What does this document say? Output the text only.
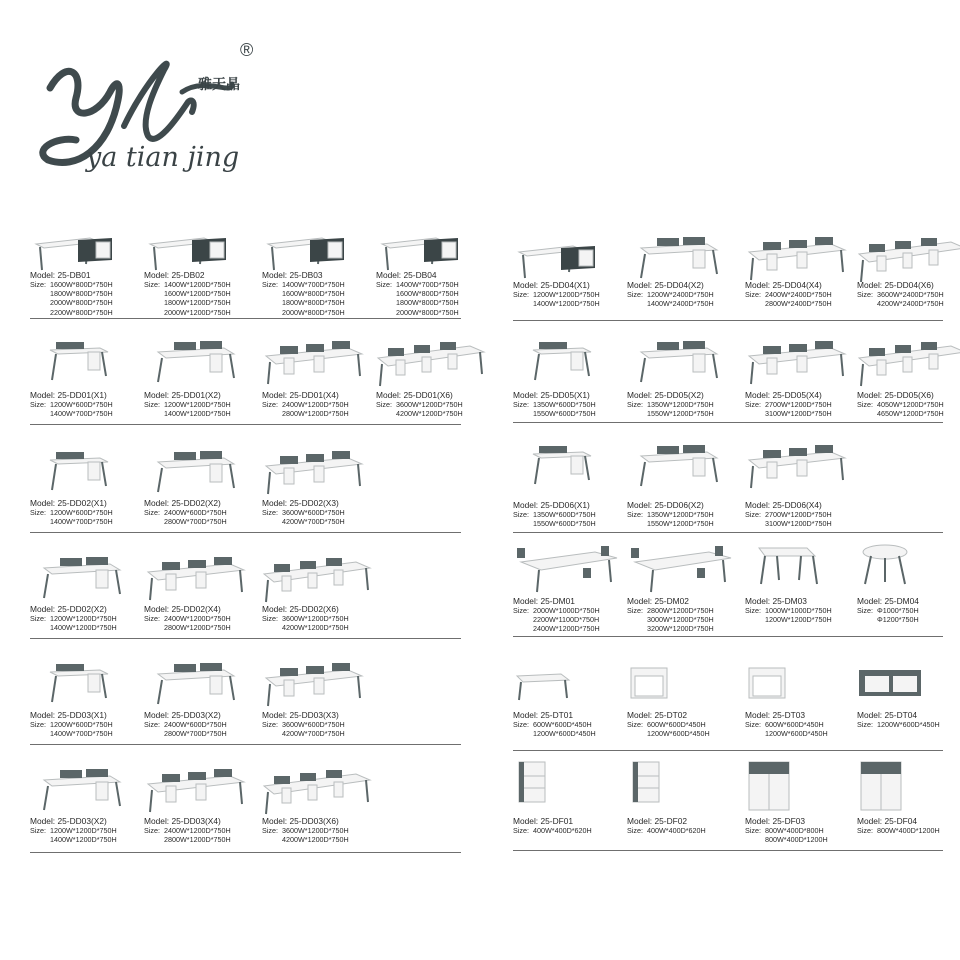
雅天晶
®
ya tian jing
Model: 25-DB01
Size: 1600W*800D*750H
1800W*800D*750H
2000W*800D*750H
2200W*800D*750H
Model: 25-DB02
Size: 1400W*1200D*750H
1600W*1200D*750H
1800W*1200D*750H
2000W*1200D*750H
Model: 25-DB03
Size: 1400W*700D*750H
1600W*800D*750H
1800W*800D*750H
2000W*800D*750H
Model: 25-DB04
Size: 1400W*700D*750H
1600W*800D*750H
1800W*800D*750H
2000W*800D*750H
Model: 25-DD01(X1)
Size: 1200W*600D*750H
1400W*700D*750H
Model: 25-DD01(X2)
Size: 1200W*1200D*750H
1400W*1200D*750H
Model: 25-DD01(X4)
Size: 2400W*1200D*750H
2800W*1200D*750H
Model: 25-DD01(X6)
Size: 3600W*1200D*750H
4200W*1200D*750H
Model: 25-DD02(X1)
Size: 1200W*600D*750H
1400W*700D*750H
Model: 25-DD02(X2)
Size: 2400W*600D*750H
2800W*700D*750H
Model: 25-DD02(X3)
Size: 3600W*600D*750H
4200W*700D*750H
Model: 25-DD02(X2)
Size: 1200W*1200D*750H
1400W*1200D*750H
Model: 25-DD02(X4)
Size: 2400W*1200D*750H
2800W*1200D*750H
Model: 25-DD02(X6)
Size: 3600W*1200D*750H
4200W*1200D*750H
Model: 25-DD03(X1)
Size: 1200W*600D*750H
1400W*700D*750H
Model: 25-DD03(X2)
Size: 2400W*600D*750H
2800W*700D*750H
Model: 25-DD03(X3)
Size: 3600W*600D*750H
4200W*700D*750H
Model: 25-DD03(X2)
Size: 1200W*1200D*750H
1400W*1200D*750H
Model: 25-DD03(X4)
Size: 2400W*1200D*750H
2800W*1200D*750H
Model: 25-DD03(X6)
Size: 3600W*1200D*750H
4200W*1200D*750H
Model: 25-DD04(X1)
Size: 1200W*1200D*750H
1400W*1200D*750H
Model: 25-DD04(X2)
Size: 1200W*2400D*750H
1400W*2400D*750H
Model: 25-DD04(X4)
Size: 2400W*2400D*750H
2800W*2400D*750H
Model: 25-DD04(X6)
Size: 3600W*2400D*750H
4200W*2400D*750H
Model: 25-DD05(X1)
Size: 1350W*600D*750H
1550W*600D*750H
Model: 25-DD05(X2)
Size: 1350W*1200D*750H
1550W*1200D*750H
Model: 25-DD05(X4)
Size: 2700W*1200D*750H
3100W*1200D*750H
Model: 25-DD05(X6)
Size: 4050W*1200D*750H
4650W*1200D*750H
Model: 25-DD06(X1)
Size: 1350W*600D*750H
1550W*600D*750H
Model: 25-DD06(X2)
Size: 1350W*1200D*750H
1550W*1200D*750H
Model: 25-DD06(X4)
Size: 2700W*1200D*750H
3100W*1200D*750H
Model: 25-DM01
Size: 2000W*1000D*750H
2200W*1100D*750H
2400W*1200D*750H
Model: 25-DM02
Size: 2800W*1200D*750H
3000W*1200D*750H
3200W*1200D*750H
Model: 25-DM03
Size: 1000W*1000D*750H
1200W*1200D*750H
Model: 25-DM04
Size: Φ1000*750H
Φ1200*750H
Model: 25-DT01
Size: 600W*600D*450H
1200W*600D*450H
Model: 25-DT02
Size: 600W*600D*450H
1200W*600D*450H
Model: 25-DT03
Size: 600W*600D*450H
1200W*600D*450H
Model: 25-DT04
Size: 1200W*600D*450H
Model: 25-DF01
Size: 400W*400D*620H
Model: 25-DF02
Size: 400W*400D*620H
Model: 25-DF03
Size: 800W*400D*800H
800W*400D*1200H
Model: 25-DF04
Size: 800W*400D*1200H
